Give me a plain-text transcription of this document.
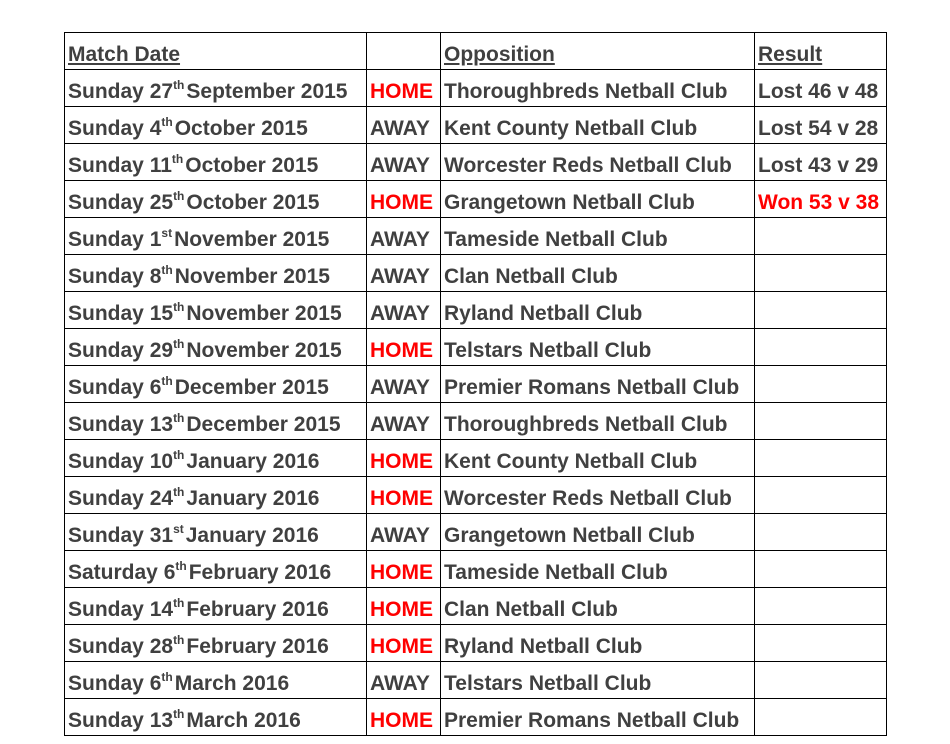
Match Date		Opposition	Result
Sunday 27thSeptember 2015	HOME	Thoroughbreds Netball Club	Lost 46 v 48
Sunday 4thOctober 2015	AWAY	Kent County Netball Club	Lost 54 v 28
Sunday 11thOctober 2015	AWAY	Worcester Reds Netball Club	Lost 43 v 29
Sunday 25thOctober 2015	HOME	Grangetown Netball Club	Won 53 v 38
Sunday 1stNovember 2015	AWAY	Tameside Netball Club	
Sunday 8thNovember 2015	AWAY	Clan Netball Club	
Sunday 15thNovember 2015	AWAY	Ryland Netball Club	
Sunday 29thNovember 2015	HOME	Telstars Netball Club	
Sunday 6thDecember 2015	AWAY	Premier Romans Netball Club	
Sunday 13thDecember 2015	AWAY	Thoroughbreds Netball Club	
Sunday 10thJanuary 2016	HOME	Kent County Netball Club	
Sunday 24thJanuary 2016	HOME	Worcester Reds Netball Club	
Sunday 31stJanuary 2016	AWAY	Grangetown Netball Club	
Saturday 6thFebruary 2016	HOME	Tameside Netball Club	
Sunday 14thFebruary 2016	HOME	Clan Netball Club	
Sunday 28thFebruary 2016	HOME	Ryland Netball Club	
Sunday 6thMarch 2016	AWAY	Telstars Netball Club	
Sunday 13thMarch 2016	HOME	Premier Romans Netball Club	
